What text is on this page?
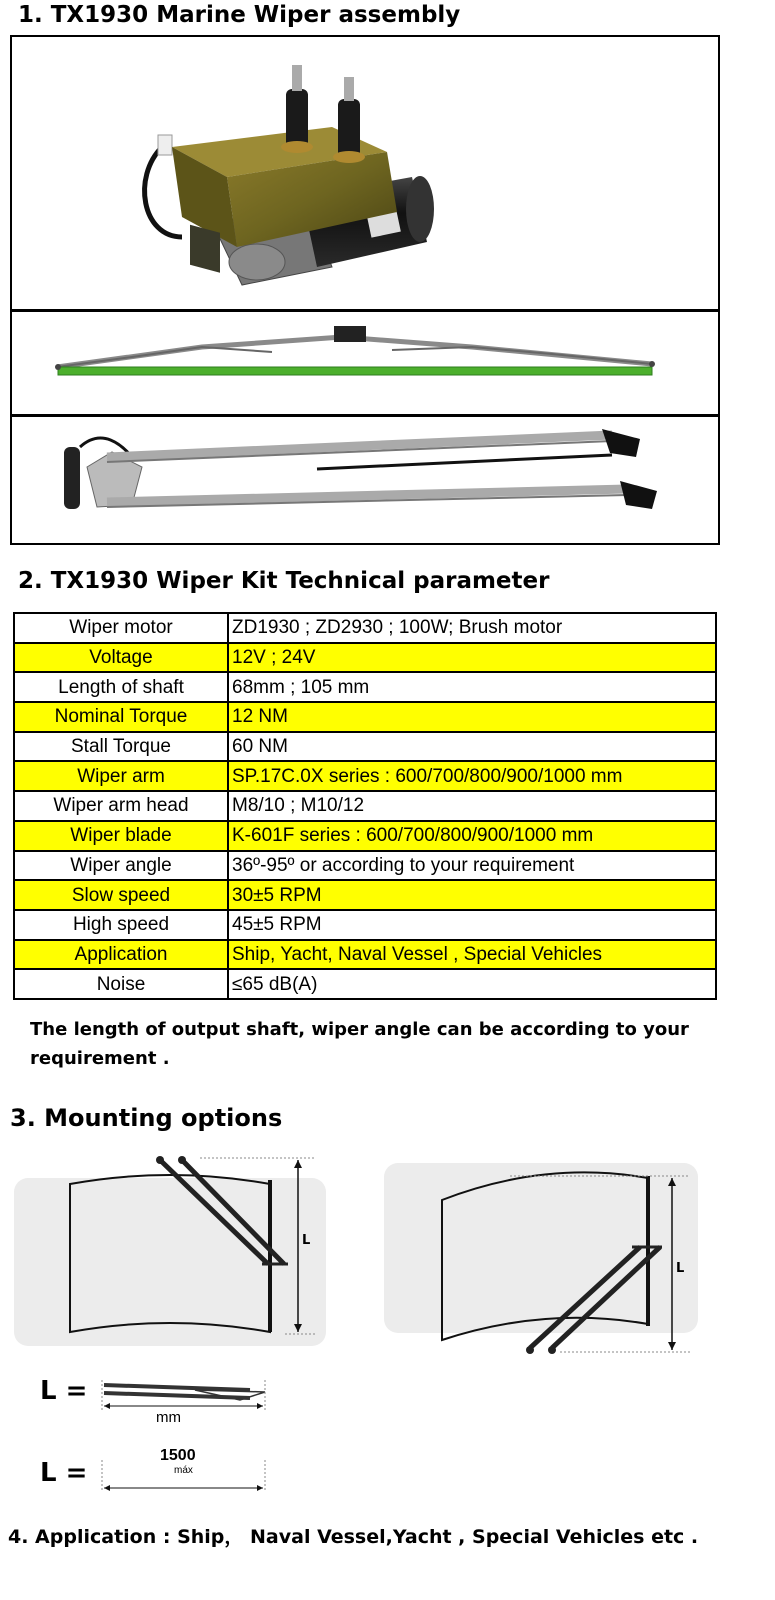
1. TX1930 Marine Wiper assembly
2. TX1930 Wiper Kit Technical parameter
Wiper motor	ZD1930 ; ZD2930 ; 100W; Brush motor
Voltage	12V ; 24V
Length of shaft	68mm ; 105 mm
Nominal Torque	12 NM
Stall Torque	60 NM
Wiper arm	SP.17C.0X series : 600/700/800/900/1000 mm
Wiper arm head	M8/10 ; M10/12
Wiper blade	K-601F series : 600/700/800/900/1000 mm
Wiper angle	36º-95º or according to your requirement
Slow speed	30±5 RPM
High speed	45±5 RPM
Application	Ship, Yacht, Naval Vessel , Special Vehicles
Noise	≤65 dB(A)
The length of output shaft, wiper angle can be according to your requirement .
3. Mounting options
L
L
L =
mm
L =
1500
máx
4. Application : Ship， Naval Vessel,Yacht , Special Vehicles etc .
